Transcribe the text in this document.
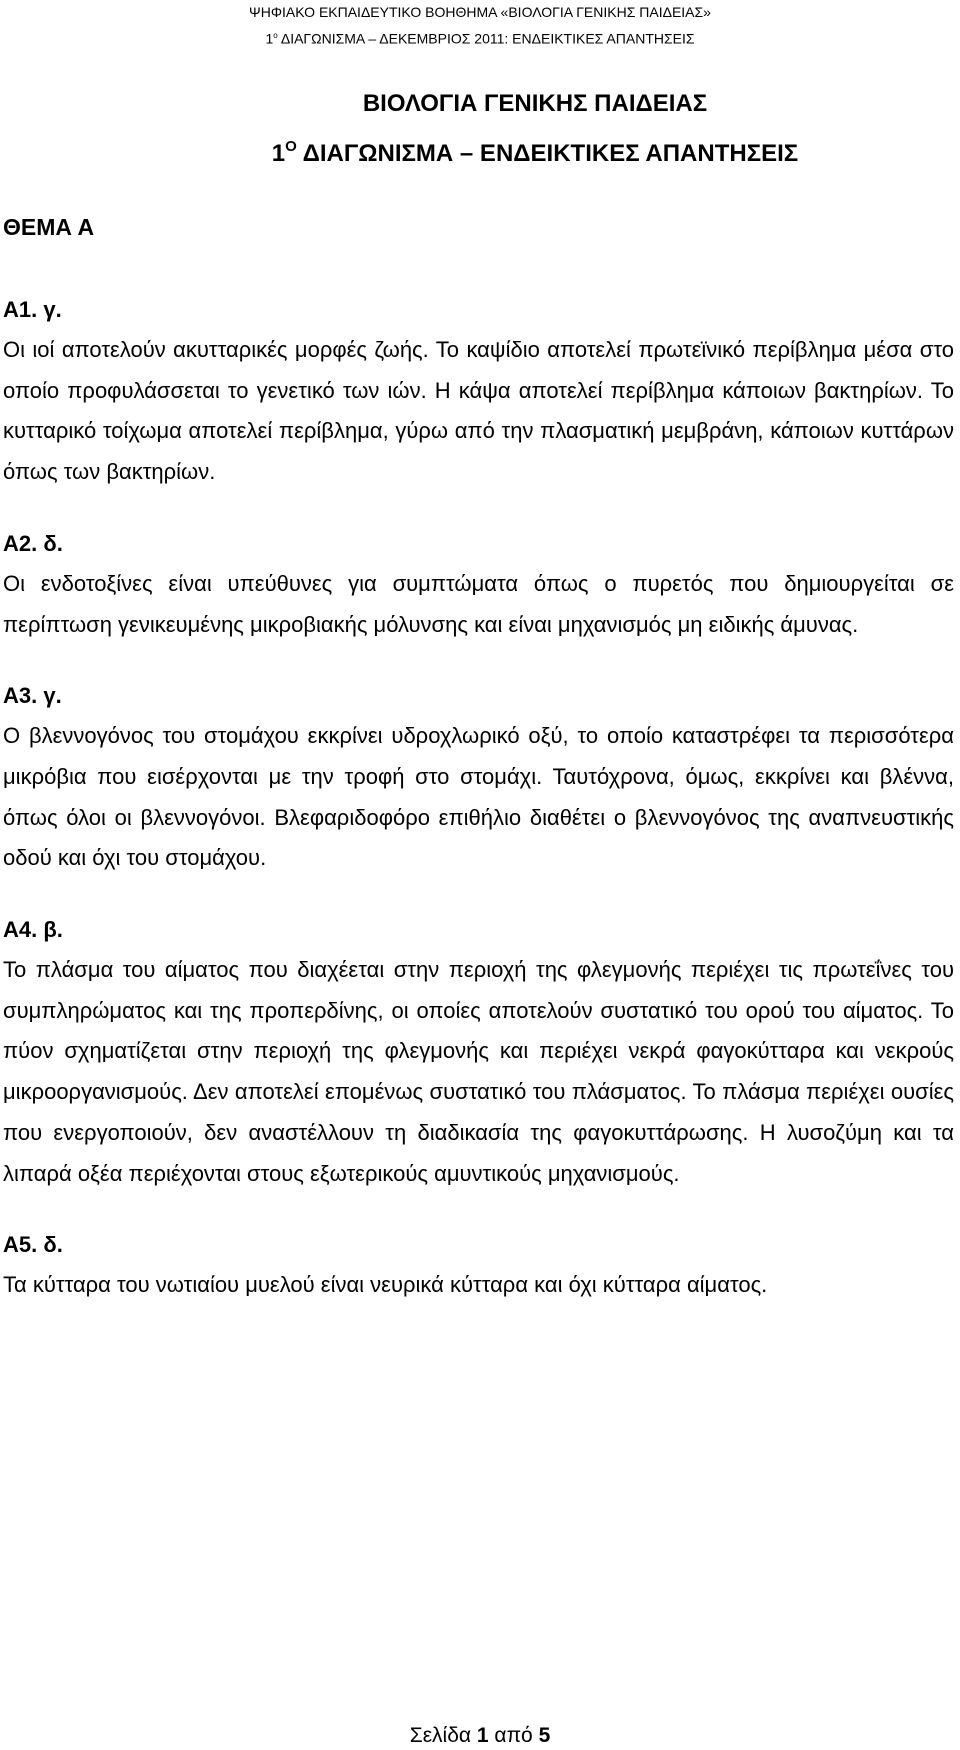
ΨΗΦΙΑΚΟ ΕΚΠΑΙΔΕΥΤΙΚΟ ΒΟΗΘΗΜΑ «ΒΙΟΛΟΓΙΑ ΓΕΝΙΚΗΣ ΠΑΙΔΕΙΑΣ»
$1^o$ ΔΙΑΓΩΝΙΣΜΑ – ΔΕΚΕΜΒΡΙΟΣ 2011: ΕΝΔΕΙΚΤΙΚΕΣ ΑΠΑΝΤΗΣΕΙΣ
ΒΙΟΛΟΓΙΑ ΓΕΝΙΚΗΣ ΠΑΙΔΕΙΑΣ
$1^O$ ΔΙΑΓΩΝΙΣΜΑ – ΕΝΔΕΙΚΤΙΚΕΣ ΑΠΑΝΤΗΣΕΙΣ
ΘΕΜΑ Α
Α1. γ.
Οι ιοί αποτελούν ακυτταρικές μορφές ζωής. Το καψίδιο αποτελεί πρωτεϊνικό περίβλημα μέσα στο οποίο προφυλάσσεται το γενετικό των ιών. Η κάψα αποτελεί περίβλημα κάποιων βακτηρίων. Το κυτταρικό τοίχωμα αποτελεί περίβλημα, γύρω από την πλασματική μεμβράνη, κάποιων κυττάρων όπως των βακτηρίων.
Α2. δ.
Οι ενδοτοξίνες είναι υπεύθυνες για συμπτώματα όπως ο πυρετός που δημιουργείται σε περίπτωση γενικευμένης μικροβιακής μόλυνσης και είναι μηχανισμός μη ειδικής άμυνας.
Α3. γ.
Ο βλεννογόνος του στομάχου εκκρίνει υδροχλωρικό οξύ, το οποίο καταστρέφει τα περισσότερα μικρόβια που εισέρχονται με την τροφή στο στομάχι. Ταυτόχρονα, όμως, εκκρίνει και βλέννα, όπως όλοι οι βλεννογόνοι. Βλεφαριδοφόρο επιθήλιο διαθέτει ο βλεννογόνος της αναπνευστικής οδού και όχι του στομάχου.
Α4. β.
Το πλάσμα του αίματος που διαχέεται στην περιοχή της φλεγμονής περιέχει τις πρωτεΐνες του συμπληρώματος και της προπερδίνης, οι οποίες αποτελούν συστατικό του ορού του αίματος. Το πύον σχηματίζεται στην περιοχή της φλεγμονής και περιέχει νεκρά φαγοκύτταρα και νεκρούς μικροοργανισμούς. Δεν αποτελεί επομένως συστατικό του πλάσματος. Το πλάσμα περιέχει ουσίες που ενεργοποιούν, δεν αναστέλλουν τη διαδικασία της φαγοκυττάρωσης. Η λυσοζύμη και τα λιπαρά οξέα περιέχονται στους εξωτερικούς αμυντικούς μηχανισμούς.
Α5. δ.
Τα κύτταρα του νωτιαίου μυελού είναι νευρικά κύτταρα και όχι κύτταρα αίματος.
Σελίδα 1 από 5
